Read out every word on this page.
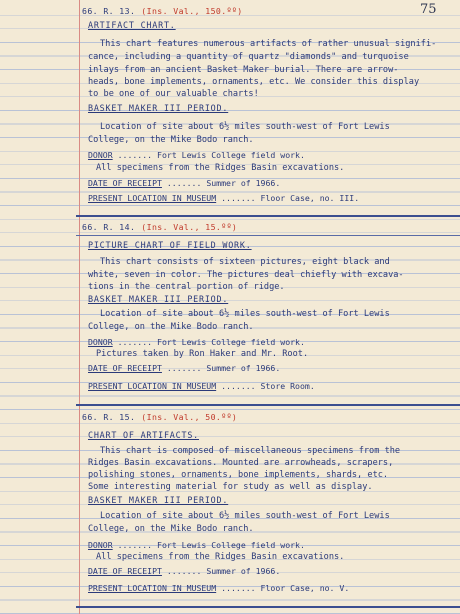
75
66. R. 13. (Ins. Val., 150.ºº)
ARTIFACT CHART.
This chart features numerous artifacts of rather unusual signifi-
cance, including a quantity of quartz "diamonds" and turquoise
inlays from an ancient Basket Maker burial. There are arrow-
heads, bone implements, ornaments, etc. We consider this display
to be one of our valuable charts!
BASKET MAKER III PERIOD.
Location of site about 6½ miles south-west of Fort Lewis
College, on the Mike Bodo ranch.
DONOR ....... Fort Lewis College field work.
All specimens from the Ridges Basin excavations.
DATE OF RECEIPT ....... Summer of 1966.
PRESENT LOCATION IN MUSEUM ....... Floor Case, no. III.
66. R. 14. (Ins. Val., 15.ºº)
PICTURE CHART OF FIELD WORK.
This chart consists of sixteen pictures, eight black and
white, seven in color. The pictures deal chiefly with excava-
tions in the central portion of ridge.
BASKET MAKER III PERIOD.
Location of site about 6½ miles south-west of Fort Lewis
College, on the Mike Bodo ranch.
DONOR ....... Fort Lewis College field work.
Pictures taken by Ron Haker and Mr. Root.
DATE OF RECEIPT ....... Summer of 1966.
PRESENT LOCATION IN MUSEUM ....... Store Room.
66. R. 15. (Ins. Val., 50.ºº)
CHART OF ARTIFACTS.
This chart is composed of miscellaneous specimens from the
Ridges Basin excavations. Mounted are arrowheads, scrapers,
polishing stones, ornaments, bone implements, shards, etc.
Some interesting material for study as well as display.
BASKET MAKER III PERIOD.
Location of site about 6½ miles south-west of Fort Lewis
College, on the Mike Bodo ranch.
DONOR ....... Fort Lewis College field work.
All specimens from the Ridges Basin excavations.
DATE OF RECEIPT ....... Summer of 1966.
PRESENT LOCATION IN MUSEUM ....... Floor Case, no. V.
